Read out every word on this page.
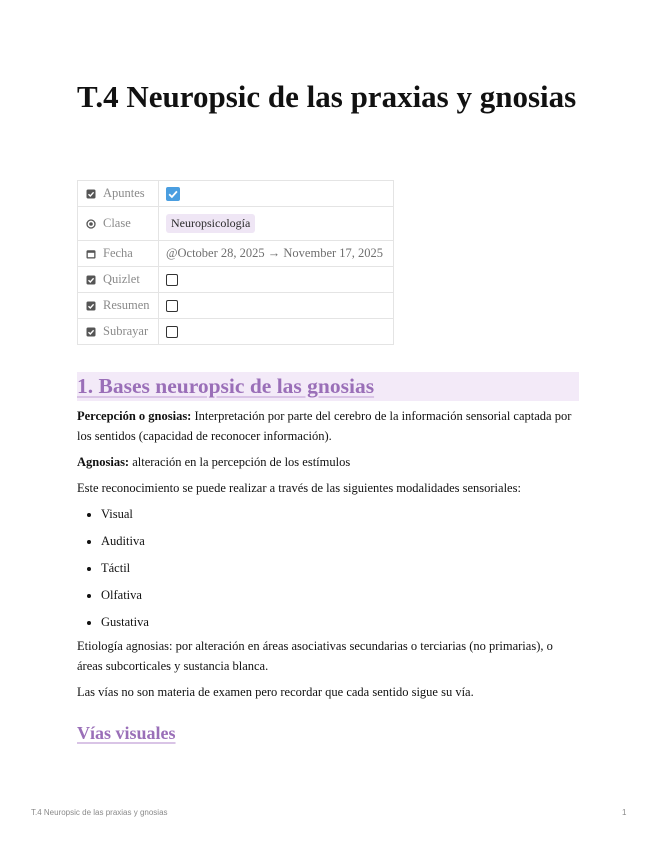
T.4 Neuropsic de las praxias y gnosias
Apuntes

Clase	Neuropsicología

Fecha	@October 28, 2025 → November 17, 2025

Quizlet	

Resumen	

Subrayar	

1. Bases neuropsic de las gnosias

Percepción o gnosias: Interpretación por parte del cerebro de la información sensorial captada por los sentidos (capacidad de reconocer información).

Agnosias: alteración en la percepción de los estímulos

Este reconocimiento se puede realizar a través de las siguientes modalidades sensoriales:

• Visual
• Auditiva
• Táctil
• Olfativa
• Gustativa

Etiología agnosias: por alteración en áreas asociativas secundarias o terciarias (no primarias), o áreas subcorticales y sustancia blanca.

Las vías no son materia de examen pero recordar que cada sentido sigue su vía.

Vías visuales
T.4 Neuropsic de las praxias y gnosias	1
